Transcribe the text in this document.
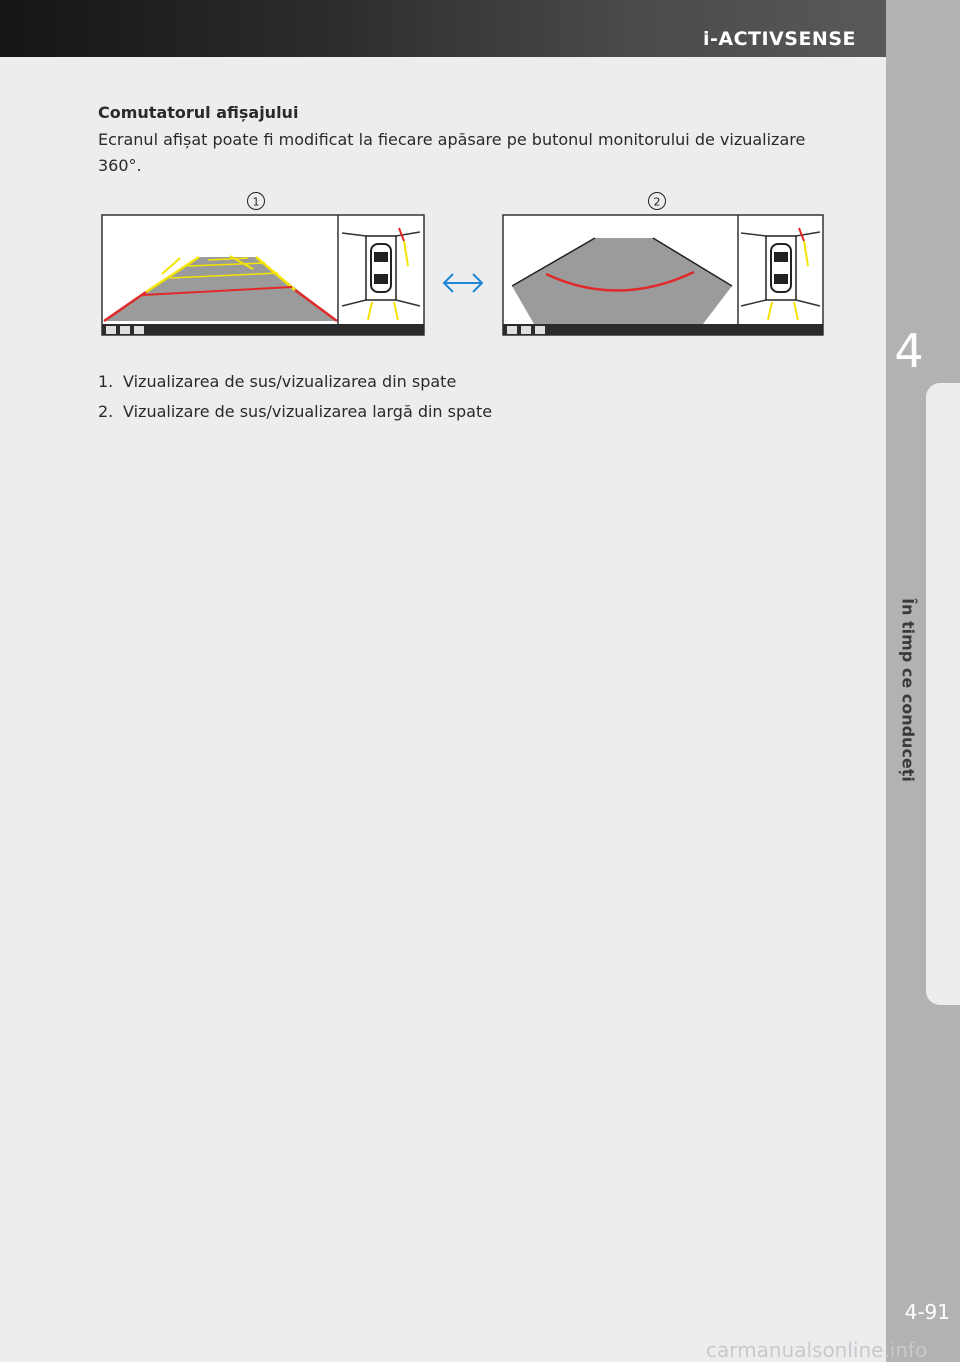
i-ACTIVSENSE
4
În timp ce conduceți
Comutatorul afișajului
Ecranul afișat poate fi modificat la fiecare apăsare pe butonul monitorului de vizualizare 360°.
1	2
1. Vizualizarea de sus/vizualizarea din spate
2. Vizualizare de sus/vizualizarea largă din spate
4-91
carmanualsonline.info
